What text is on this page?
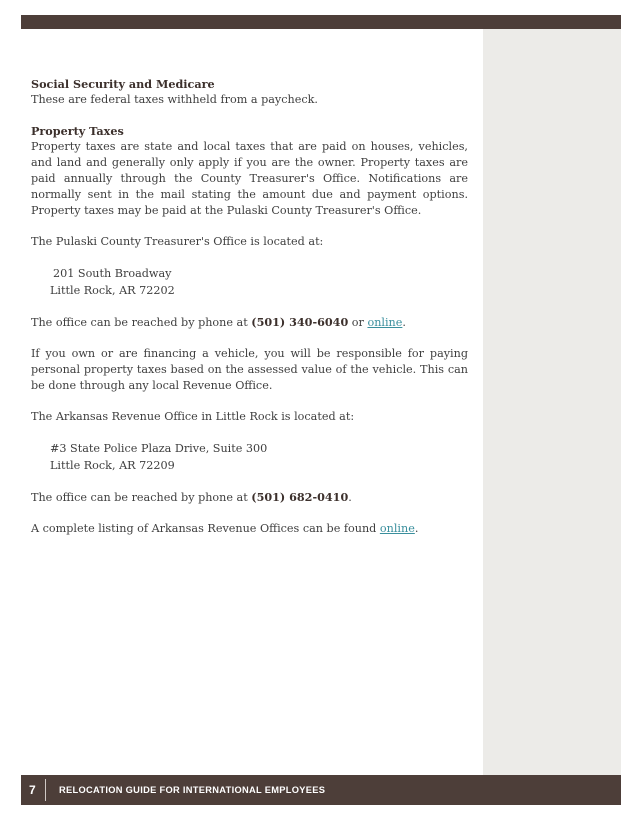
Social Security and Medicare

These are federal taxes withheld from a paycheck.

Property Taxes

Property taxes are state and local taxes that are paid on houses, vehicles, and land and generally only apply if you are the owner. Property taxes are paid annually through the County Treasurer's Office. Notifications are normally sent in the mail stating the amount due and payment options. Property taxes may be paid at the Pulaski County Treasurer's Office.

The Pulaski County Treasurer's Office is located at:

201 South Broadway
Little Rock, AR 72202

The office can be reached by phone at (501) 340-6040 or online.

If you own or are financing a vehicle, you will be responsible for paying personal property taxes based on the assessed value of the vehicle. This can be done through any local Revenue Office.

The Arkansas Revenue Office in Little Rock is located at:

#3 State Police Plaza Drive, Suite 300
Little Rock, AR 72209

The office can be reached by phone at (501) 682-0410.

A complete listing of Arkansas Revenue Offices can be found online.

7	RELOCATION GUIDE FOR INTERNATIONAL EMPLOYEES
